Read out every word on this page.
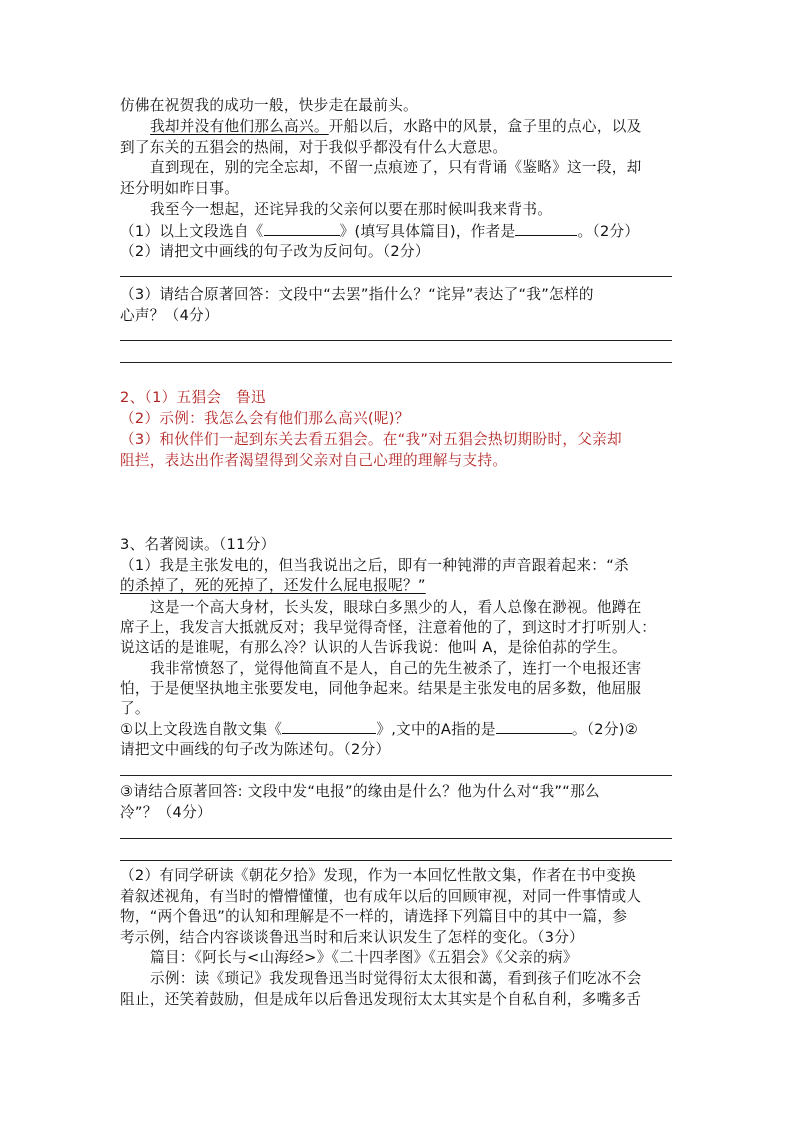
仿佛在祝贺我的成功一般，快步走在最前头。
我却并没有他们那么高兴。开船以后，水路中的风景，盒子里的点心，以及
到了东关的五猖会的热闹，对于我似乎都没有什么大意思。
直到现在，别的完全忘却，不留一点痕迹了，只有背诵《鉴略》这一段，却
还分明如昨日事。
我至今一想起，还诧异我的父亲何以要在那时候叫我来背书。
（1）以上文段选自《	》(填写具体篇目)，作者是	。（2分）
（2）请把文中画线的句子改为反问句。（2分）
（3）请结合原著回答：文段中“去罢”指什么？“诧异”表达了“我”怎样的
心声？（4分）
2、（1）五猖会　鲁迅
（2）示例：我怎么会有他们那么高兴(呢)？
（3）和伙伴们一起到东关去看五猖会。在“我”对五猖会热切期盼时，父亲却
阻拦，表达出作者渴望得到父亲对自己心理的理解与支持。
3、名著阅读。（11分）
（1）我是主张发电的，但当我说出之后，即有一种钝滞的声音跟着起来：“杀
的杀掉了，死的死掉了，还发什么屁电报呢？”
这是一个高大身材，长头发，眼球白多黑少的人，看人总像在渺视。他蹲在
席子上，我发言大抵就反对；我早觉得奇怪，注意着他的了，到这时才打听别人：
说这话的是谁呢，有那么冷？认识的人告诉我说：他叫 A，是徐伯荪的学生。
我非常愤怒了，觉得他简直不是人，自己的先生被杀了，连打一个电报还害
怕，于是便坚执地主张要发电，同他争起来。结果是主张发电的居多数，他屈服
了。
①以上文段选自散文集《	》,文中的A指的是	。（2分)②
请把文中画线的句子改为陈述句。（2分）
③请结合原著回答: 文段中发“电报”的缘由是什么？他为什么对“我”“那么
冷”？（4分）
（2）有同学研读《朝花夕拾》发现，作为一本回忆性散文集，作者在书中变换
着叙述视角，有当时的懵懵懂懂，也有成年以后的回顾审视，对同一件事情或人
物，“两个鲁迅”的认知和理解是不一样的，请选择下列篇目中的其中一篇，参
考示例，结合内容谈谈鲁迅当时和后来认识发生了怎样的变化。（3分）
篇目：《阿长与<山海经>》《二十四孝图》《五猖会》《父亲的病》
示例：读《琐记》我发现鲁迅当时觉得衍太太很和蔼，看到孩子们吃冰不会
阻止，还笑着鼓励，但是成年以后鲁迅发现衍太太其实是个自私自利，多嘴多舌
